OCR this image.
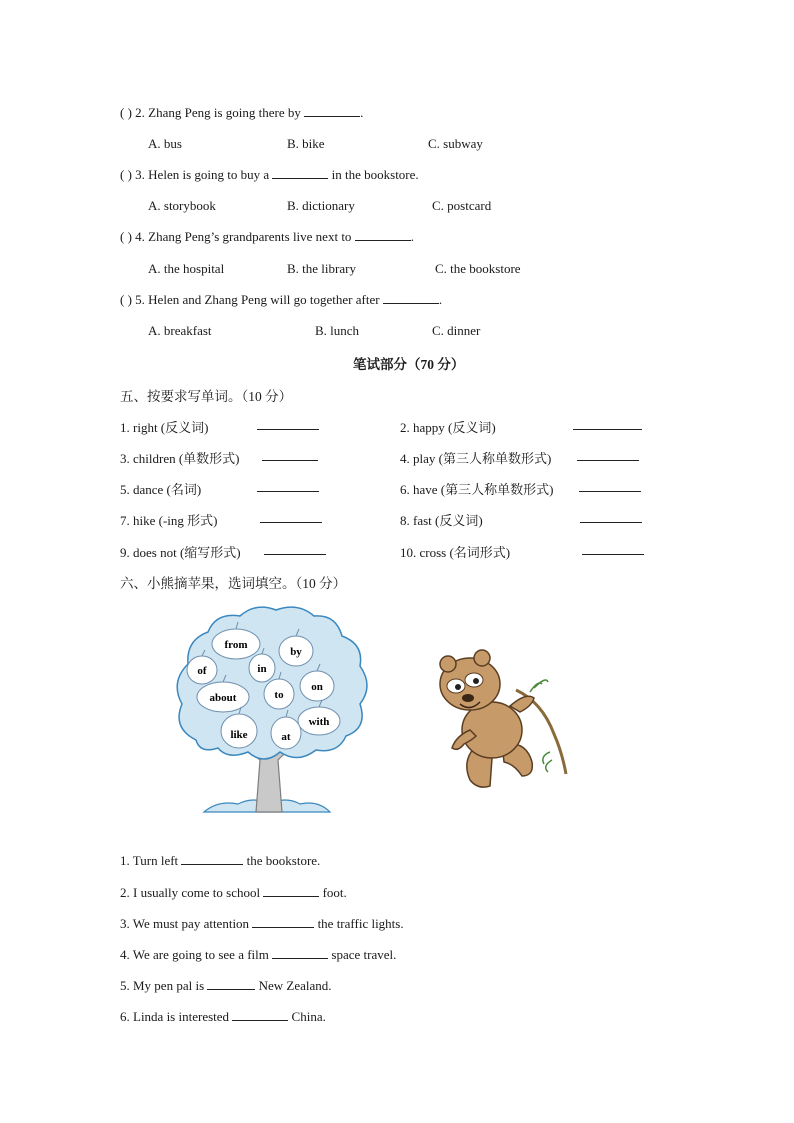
( ) 2. Zhang Peng is going there by	.
A. bus	B. bike	C. subway
( ) 3. Helen is going to buy a	in the bookstore.
A. storybook	B. dictionary	C. postcard
( ) 4. Zhang Peng’s grandparents live next to	.
A. the hospital	B. the library	C. the bookstore
( ) 5. Helen and Zhang Peng will go together after	.
A. breakfast	B. lunch	C. dinner
笔试部分（70 分）
五、按要求写单词。（10 分）
1. right (反义词)	2. happy (反义词)
3. children (单数形式)	4. play (第三人称单数形式)
5. dance (名词)	6. have (第三人称单数形式)
7. hike (-ing 形式)	8. fast (反义词)
9. does not (缩写形式)	10. cross (名词形式)
六、小熊摘苹果，选词填空。（10 分）
from
by
of	in
on
about	to
with
like	at
1. Turn left	the bookstore.
2. I usually come to school	foot.
3. We must pay attention	the traffic lights.
4. We are going to see a film	space travel.
5. My pen pal is	New Zealand.
6. Linda is interested	China.
